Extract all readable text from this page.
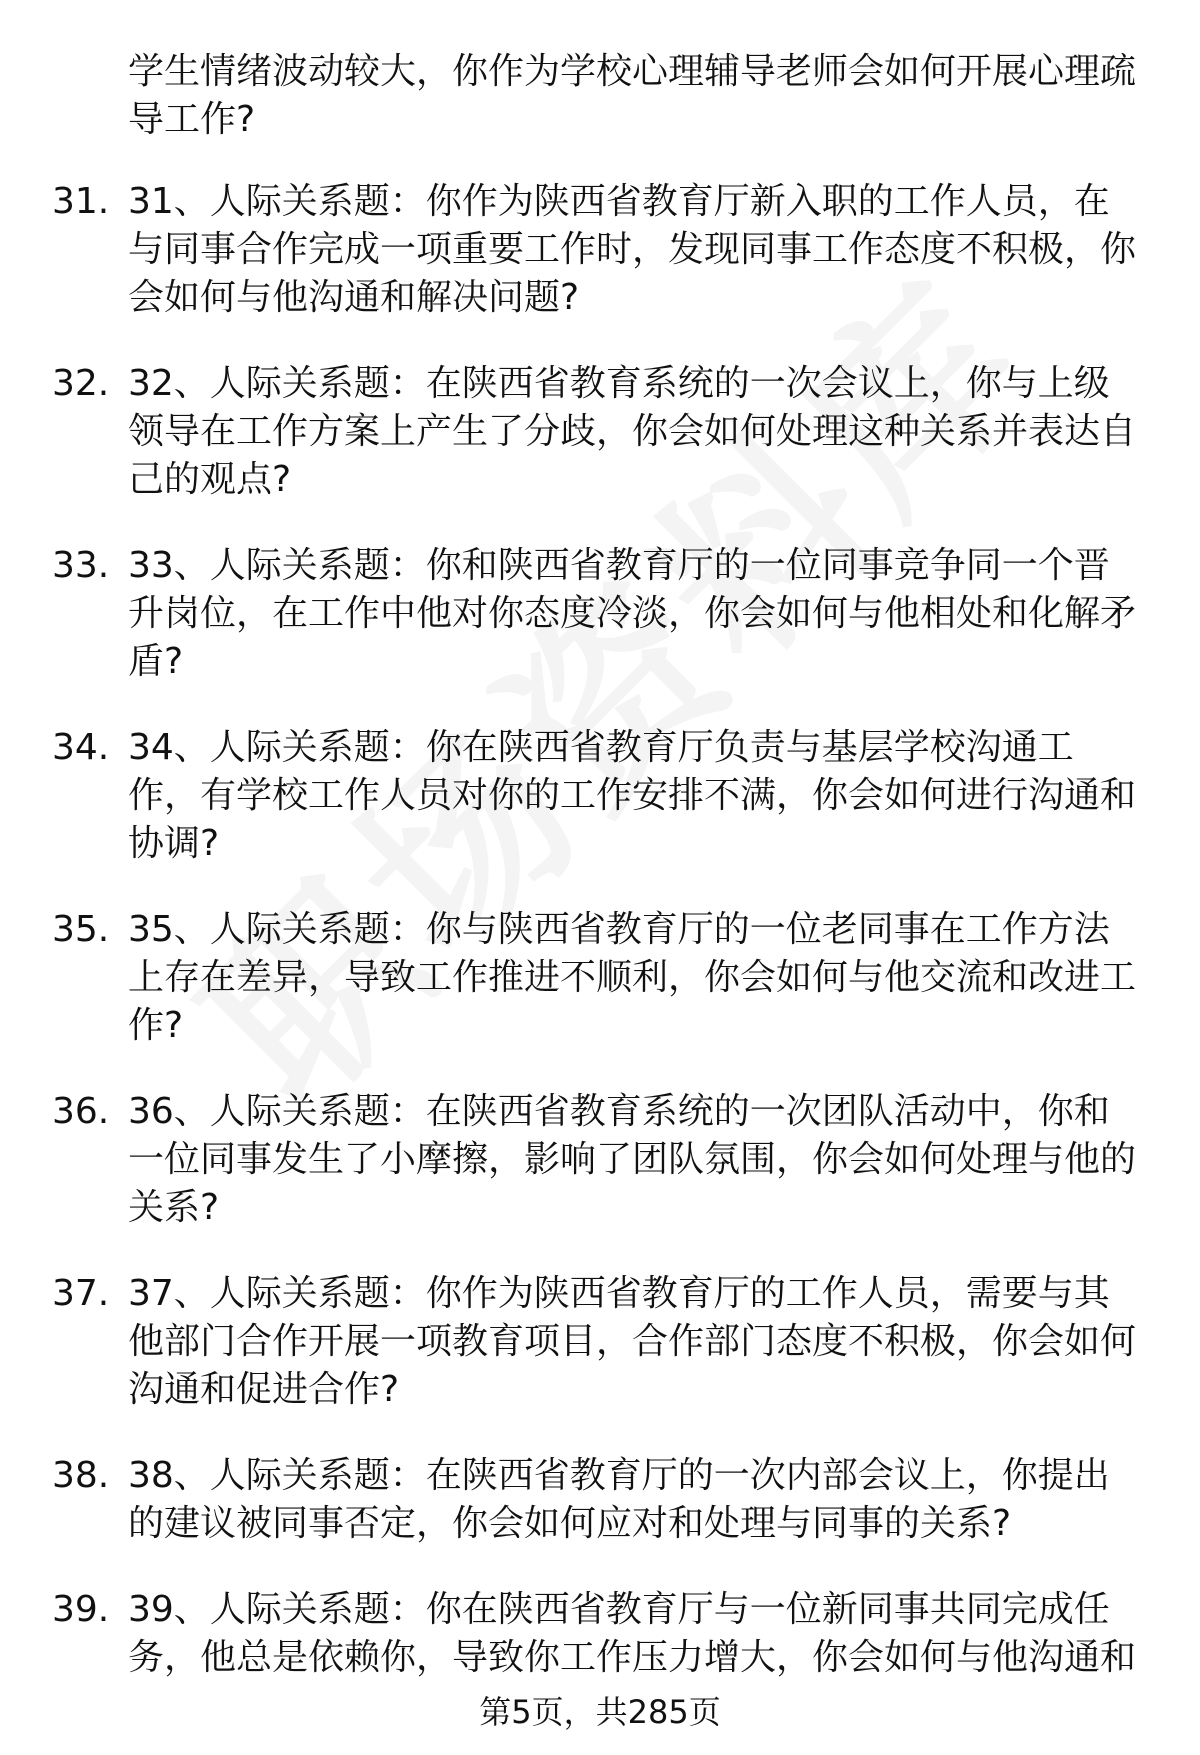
学生情绪波动较大，你作为学校心理辅导老师会如何开展心理疏导工作?
31. 31、人际关系题：你作为陕西省教育厅新入职的工作人员，在与同事合作完成一项重要工作时，发现同事工作态度不积极，你会如何与他沟通和解决问题?
32. 32、人际关系题：在陕西省教育系统的一次会议上，你与上级领导在工作方案上产生了分歧，你会如何处理这种关系并表达自己的观点?
33. 33、人际关系题：你和陕西省教育厅的一位同事竞争同一个晋升岗位，在工作中他对你态度冷淡，你会如何与他相处和化解矛盾?
34. 34、人际关系题：你在陕西省教育厅负责与基层学校沟通工作，有学校工作人员对你的工作安排不满，你会如何进行沟通和协调?
35. 35、人际关系题：你与陕西省教育厅的一位老同事在工作方法上存在差异，导致工作推进不顺利，你会如何与他交流和改进工作?
36. 36、人际关系题：在陕西省教育系统的一次团队活动中，你和一位同事发生了小摩擦，影响了团队氛围，你会如何处理与他的关系?
37. 37、人际关系题：你作为陕西省教育厅的工作人员，需要与其他部门合作开展一项教育项目，合作部门态度不积极，你会如何沟通和促进合作?
38. 38、人际关系题：在陕西省教育厅的一次内部会议上，你提出的建议被同事否定，你会如何应对和处理与同事的关系?
39. 39、人际关系题：你在陕西省教育厅与一位新同事共同完成任务，他总是依赖你，导致你工作压力增大，你会如何与他沟通和
第5页，共285页
